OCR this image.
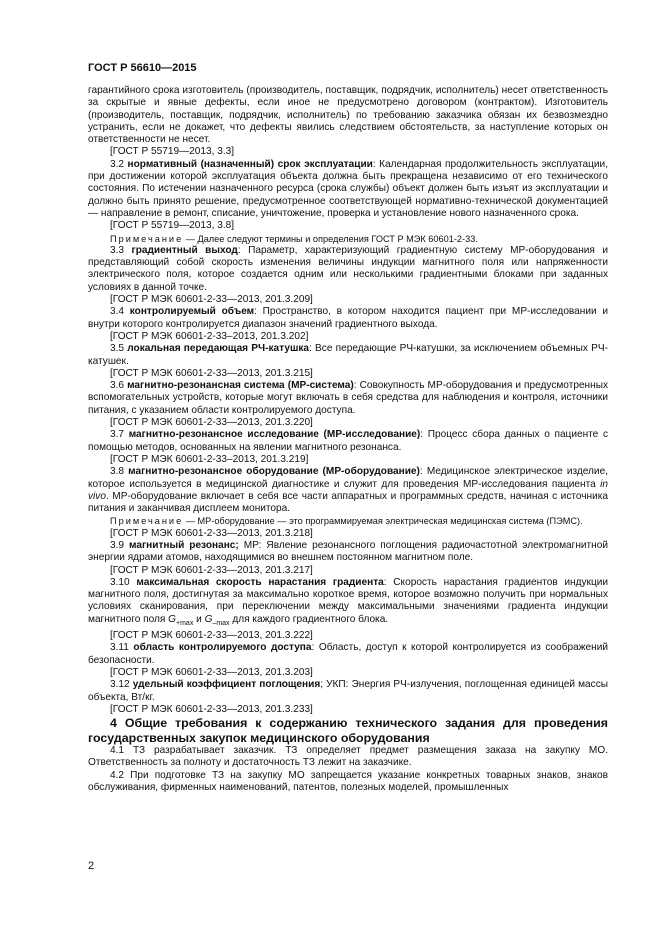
ГОСТ Р 56610—2015

гарантийного срока изготовитель (производитель, поставщик, подрядчик, исполнитель) несет ответственность за скрытые и явные дефекты, если иное не предусмотрено договором (контрактом). Изготовитель (производитель, поставщик, подрядчик, исполнитель) по требованию заказчика обязан их безвозмездно устранить, если не докажет, что дефекты явились следствием обстоятельств, за наступление которых он ответственности не несет.

[ГОСТ Р 55719—2013, 3.3]

3.2 нормативный (назначенный) срок эксплуатации: Календарная продолжительность эксплуатации, при достижении которой эксплуатация объекта должна быть прекращена независимо от его технического состояния. По истечении назначенного ресурса (срока службы) объект должен быть изъят из эксплуатации и должно быть принято решение, предусмотренное соответствующей нормативно-технической документацией — направление в ремонт, списание, уничтожение, проверка и установление нового назначенного срока.

[ГОСТ Р 55719—2013, 3.8]

Примечание — Далее следуют термины и определения ГОСТ Р МЭК 60601-2-33.

3.3 градиентный выход: Параметр, характеризующий градиентную систему МР-оборудования и представляющий собой скорость изменения величины индукции магнитного поля или напряженности электрического поля, которое создается одним или несколькими градиентными блоками при заданных условиях в данной точке.

[ГОСТ Р МЭК 60601-2-33—2013, 201.3.209]

3.4 контролируемый объем: Пространство, в котором находится пациент при МР-исследовании и внутри которого контролируется диапазон значений градиентного выхода.

[ГОСТ Р МЭК 60601-2-33–2013, 201.3.202]

3.5 локальная передающая РЧ-катушка: Все передающие РЧ-катушки, за исключением объемных РЧ-катушек.

[ГОСТ Р МЭК 60601-2-33—2013, 201.3.215]

3.6 магнитно-резонансная система (МР-система): Совокупность МР-оборудования и предусмотренных вспомогательных устройств, которые могут включать в себя средства для наблюдения и контроля, источники питания, с указанием области контролируемого доступа.

[ГОСТ Р МЭК 60601-2-33—2013, 201.3.220]

3.7 магнитно-резонансное исследование (МР-исследование): Процесс сбора данных о пациенте с помощью методов, основанных на явлении магнитного резонанса.

[ГОСТ Р МЭК 60601-2-33–2013, 201.3.219]

3.8 магнитно-резонансное оборудование (МР-оборудование): Медицинское электрическое изделие, которое используется в медицинской диагностике и служит для проведения МР-исследования пациента in vivo. МР-оборудование включает в себя все части аппаратных и программных средств, начиная с источника питания и заканчивая дисплеем монитора.

Примечание — МР-оборудование — это программируемая электрическая медицинская система (ПЭМС).

[ГОСТ Р МЭК 60601-2-33—2013, 201.3.218]

3.9 магнитный резонанс; МР: Явление резонансного поглощения радиочастотной электромагнитной энергии ядрами атомов, находящимися во внешнем постоянном магнитном поле.

[ГОСТ Р МЭК 60601-2-33—2013, 201.3.217]

3.10 максимальная скорость нарастания градиента: Скорость нарастания градиентов индукции магнитного поля, достигнутая за максимально короткое время, которое возможно получить при нормальных условиях сканирования, при переключении между максимальными значениями градиента индукции магнитного поля $G_{+max}$ и $G_{-max}$ для каждого градиентного блока.

[ГОСТ Р МЭК 60601-2-33—2013, 201.3.222]

3.11 область контролируемого доступа: Область, доступ к которой контролируется из соображений безопасности.

[ГОСТ Р МЭК 60601-2-33—2013, 201.3.203]

3.12 удельный коэффициент поглощения; УКП: Энергия РЧ-излучения, поглощенная единицей массы объекта, Вт/кг.

[ГОСТ Р МЭК 60601-2-33—2013, 201.3.233]

4 Общие требования к содержанию технического задания для проведения государственных закупок медицинского оборудования

4.1 ТЗ разрабатывает заказчик. ТЗ определяет предмет размещения заказа на закупку МО. Ответственность за полноту и достаточность ТЗ лежит на заказчике.

4.2 При подготовке ТЗ на закупку МО запрещается указание конкретных товарных знаков, знаков обслуживания, фирменных наименований, патентов, полезных моделей, промышленных

2
